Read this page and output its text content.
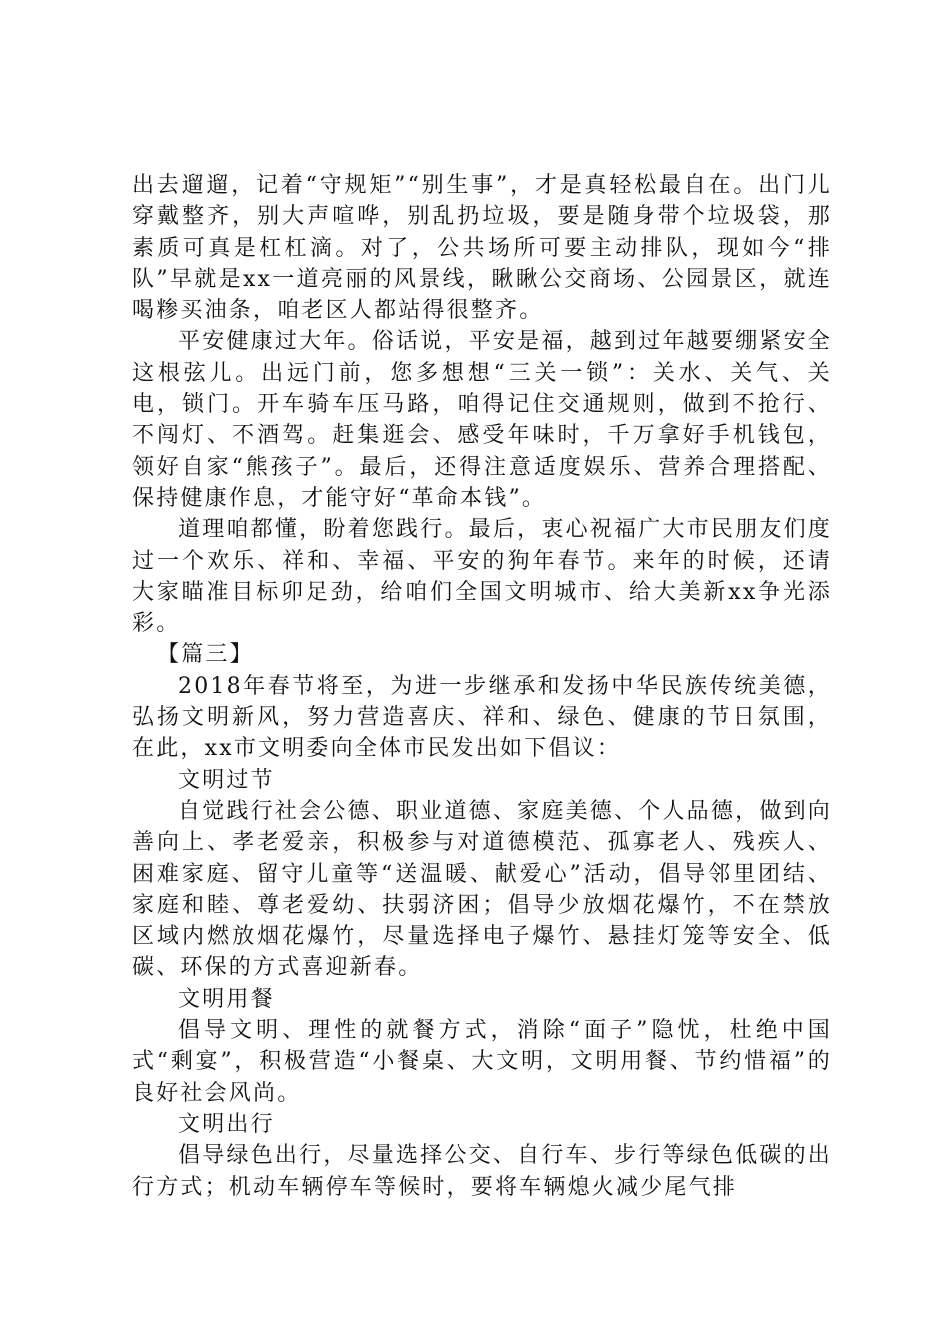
出去遛遛，记着“守规矩”“别生事”，才是真轻松最自在。出门儿穿戴整齐，别大声喧哗，别乱扔垃圾，要是随身带个垃圾袋，那素质可真是杠杠滴。对了，公共场所可要主动排队，现如今“排队”早就是xx一道亮丽的风景线，瞅瞅公交商场、公园景区，就连喝糁买油条，咱老区人都站得很整齐。

平安健康过大年。俗话说，平安是福，越到过年越要绷紧安全这根弦儿。出远门前，您多想想“三关一锁”：关水、关气、关电，锁门。开车骑车压马路，咱得记住交通规则，做到不抢行、不闯灯、不酒驾。赶集逛会、感受年味时，千万拿好手机钱包，领好自家“熊孩子”。最后，还得注意适度娱乐、营养合理搭配、保持健康作息，才能守好“革命本钱”。

道理咱都懂，盼着您践行。最后，衷心祝福广大市民朋友们度过一个欢乐、祥和、幸福、平安的狗年春节。来年的时候，还请大家瞄准目标卯足劲，给咱们全国文明城市、给大美新xx争光添彩。

【篇三】

2018年春节将至，为进一步继承和发扬中华民族传统美德，弘扬文明新风，努力营造喜庆、祥和、绿色、健康的节日氛围，在此，xx市文明委向全体市民发出如下倡议：

文明过节

自觉践行社会公德、职业道德、家庭美德、个人品德，做到向善向上、孝老爱亲，积极参与对道德模范、孤寡老人、残疾人、困难家庭、留守儿童等“送温暖、献爱心”活动，倡导邻里团结、家庭和睦、尊老爱幼、扶弱济困；倡导少放烟花爆竹，不在禁放区域内燃放烟花爆竹，尽量选择电子爆竹、悬挂灯笼等安全、低碳、环保的方式喜迎新春。

文明用餐

倡导文明、理性的就餐方式，消除“面子”隐忧，杜绝中国式“剩宴”，积极营造“小餐桌、大文明，文明用餐、节约惜福”的良好社会风尚。

文明出行

倡导绿色出行，尽量选择公交、自行车、步行等绿色低碳的出行方式；机动车辆停车等候时，要将车辆熄火减少尾气排
